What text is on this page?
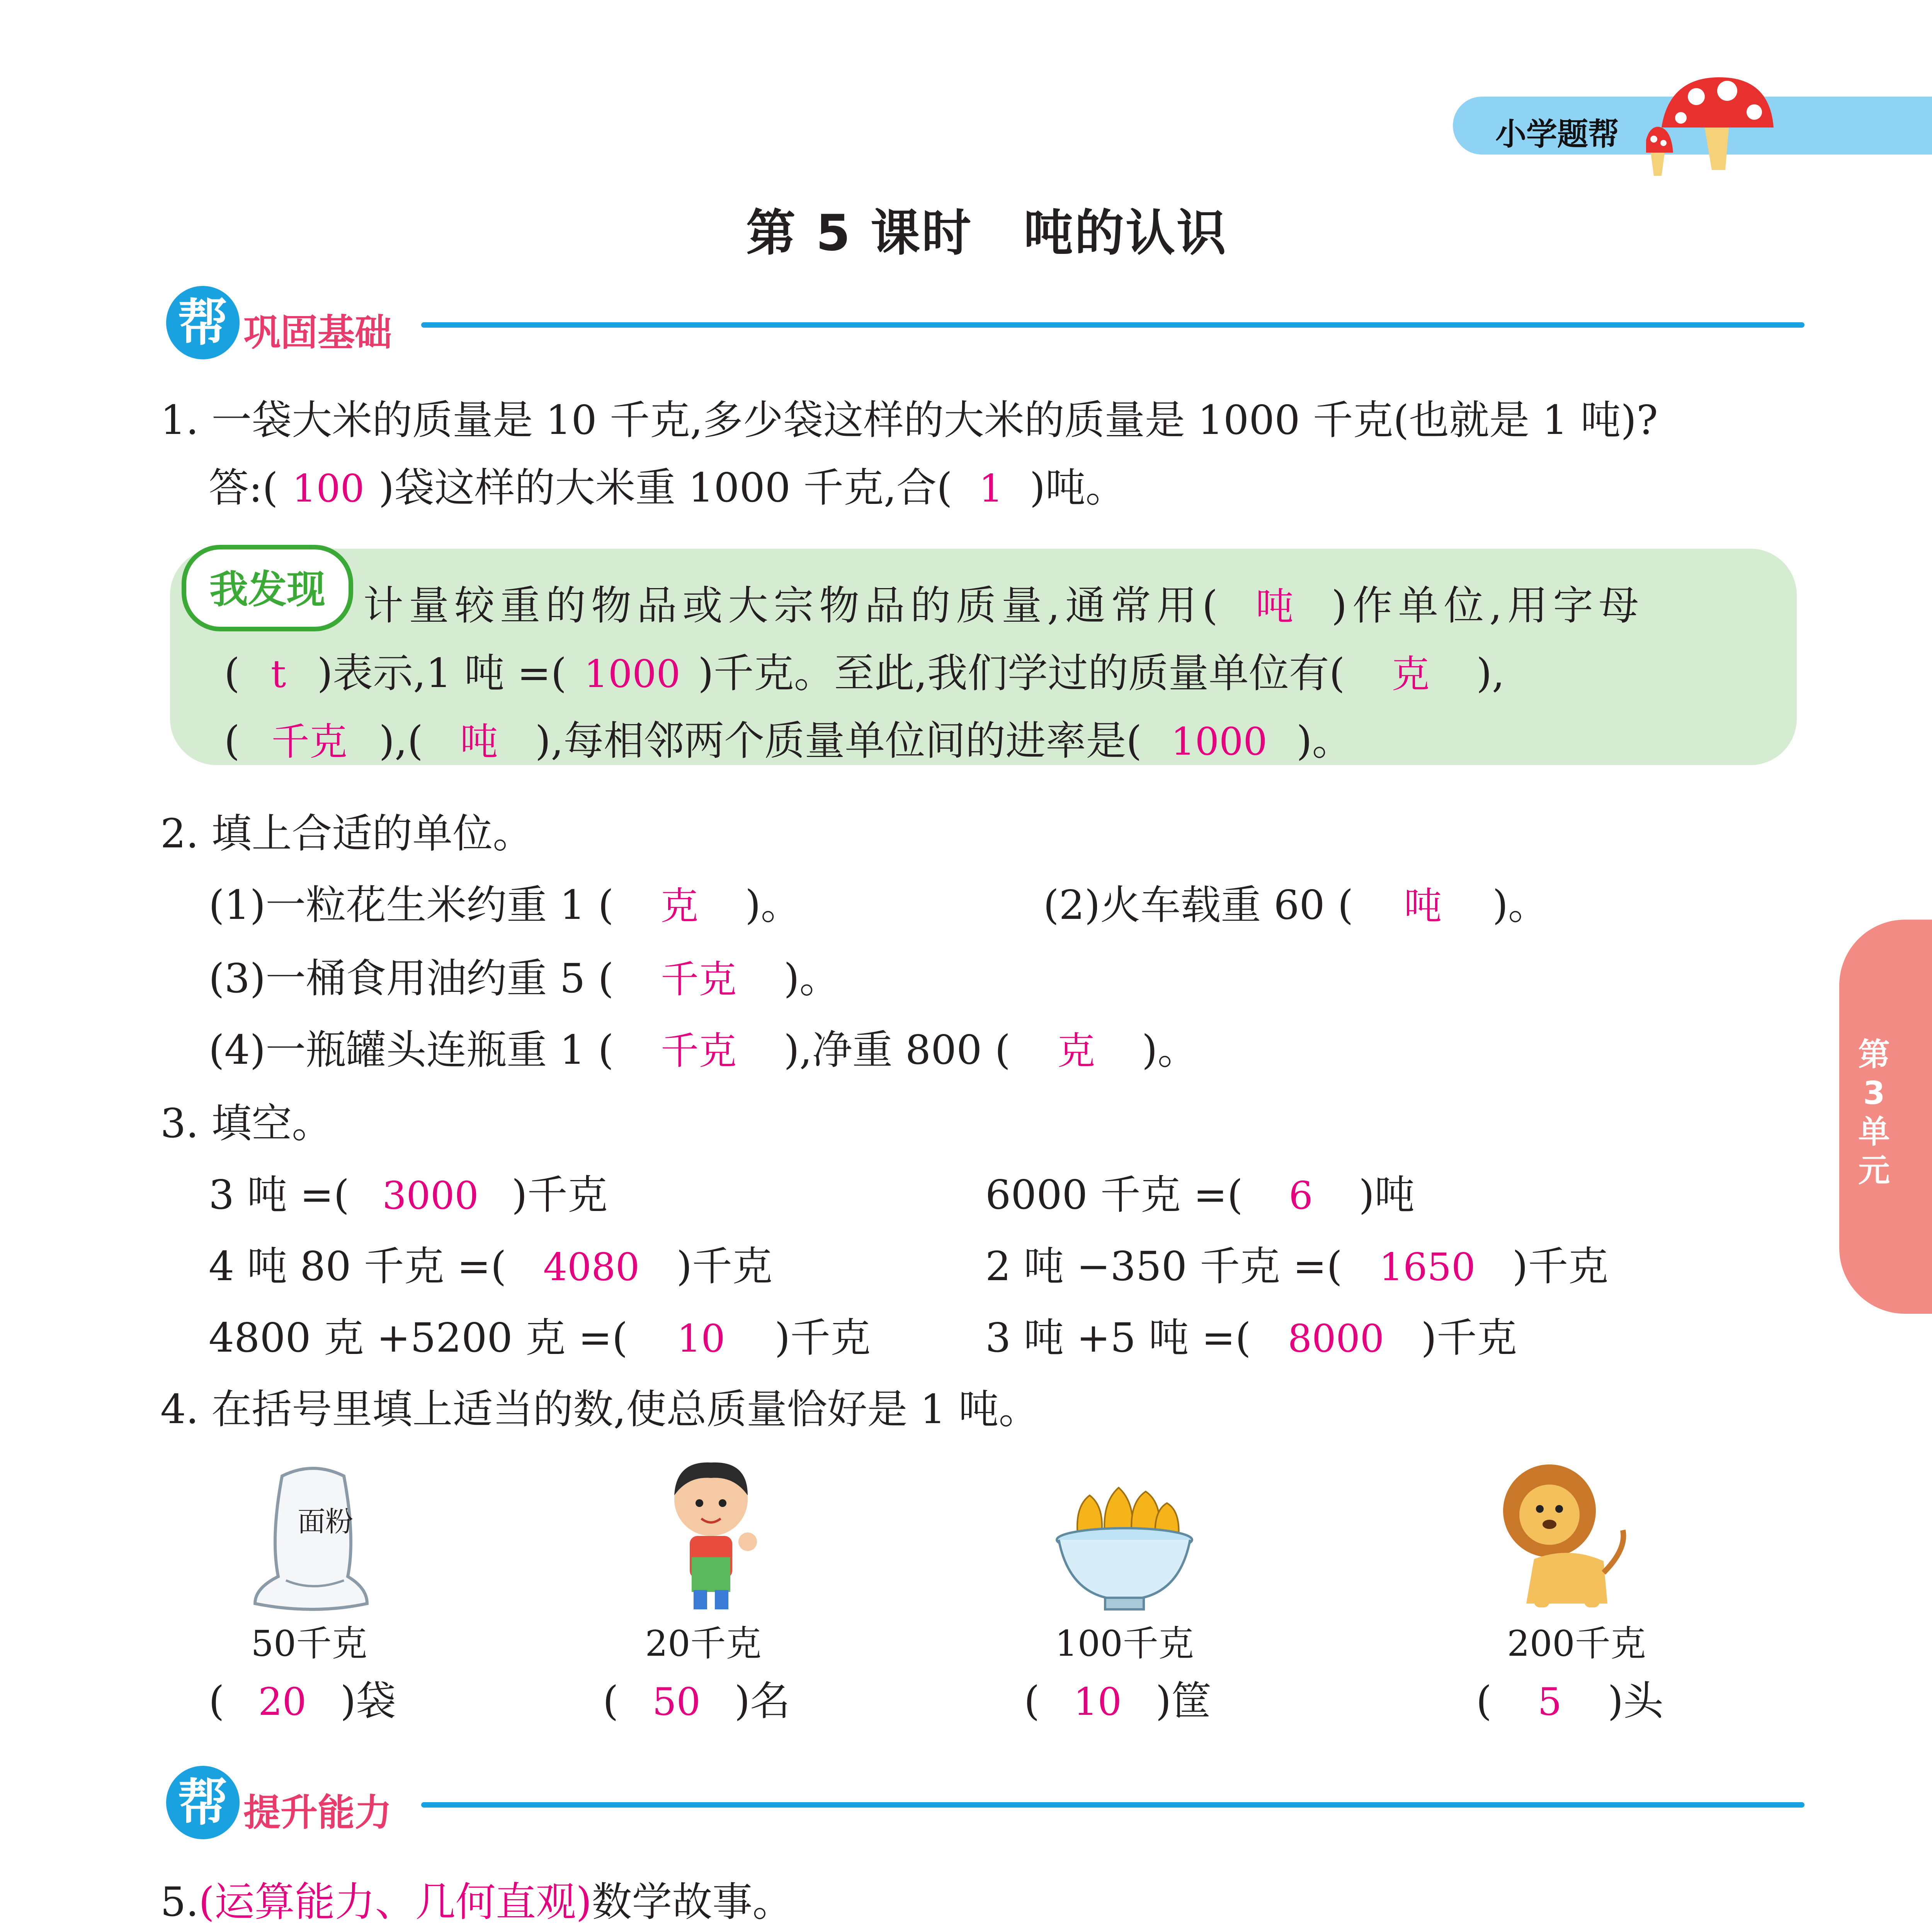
小学题帮
第 5 课时　吨的认识
帮 巩固基础
1. 一袋大米的质量是 10 千克,多少袋这样的大米的质量是 1000 千克(也就是 1 吨)?
答:( 100 )袋这样的大米重 1000 千克,合( 1 )吨。
我发现 计量较重的物品或大宗物品的质量,通常用( 吨 )作单位,用字母
( t )表示,1 吨 =( 1000 )千克。至此,我们学过的质量单位有( 克 ),
( 千克 ),( 吨 ),每相邻两个质量单位间的进率是( 1000 )。
2. 填上合适的单位。
(1)一粒花生米约重 1 ( 克 )。	(2)火车载重 60 ( 吨 )。
(3)一桶食用油约重 5 ( 千克 )。
(4)一瓶罐头连瓶重 1 ( 千克 ),净重 800 ( 克 )。	第3单元
3. 填空。
3 吨 =( 3000 )千克	6000 千克 =( 6 )吨
4 吨 80 千克 =( 4080 )千克	2 吨 −350 千克 =( 1650 )千克
4800 克 +5200 克 =( 10 )千克	3 吨 +5 吨 =( 8000 )千克
4. 在括号里填上适当的数,使总质量恰好是 1 吨。
面粉
50千克	20千克	100千克	200千克
( 20 )袋	( 50 )名	( 10 )筐	( 5 )头
帮 提升能力
5.(运算能力、几何直观)数学故事。
